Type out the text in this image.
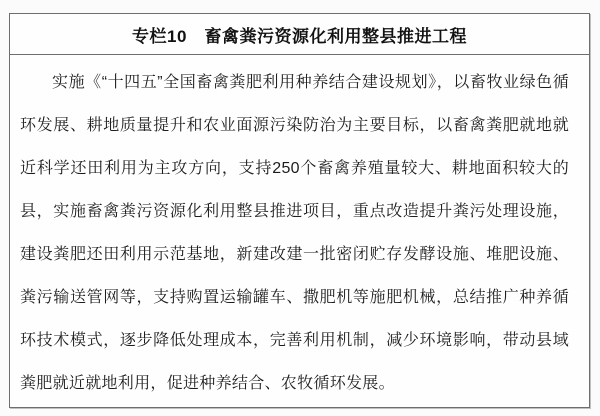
专栏10　畜禽粪污资源化利用整县推进工程

实施《“十四五”全国畜禽粪肥利用种养结合建设规划》，以畜牧业绿色循环发展、耕地质量提升和农业面源污染防治为主要目标，以畜禽粪肥就地就近科学还田利用为主攻方向，支持250个畜禽养殖量较大、耕地面积较大的县，实施畜禽粪污资源化利用整县推进项目，重点改造提升粪污处理设施，建设粪肥还田利用示范基地，新建改建一批密闭贮存发酵设施、堆肥设施、粪污输送管网等，支持购置运输罐车、撒肥机等施肥机械，总结推广种养循环技术模式，逐步降低处理成本，完善利用机制，减少环境影响，带动县域粪肥就近就地利用，促进种养结合、农牧循环发展。
